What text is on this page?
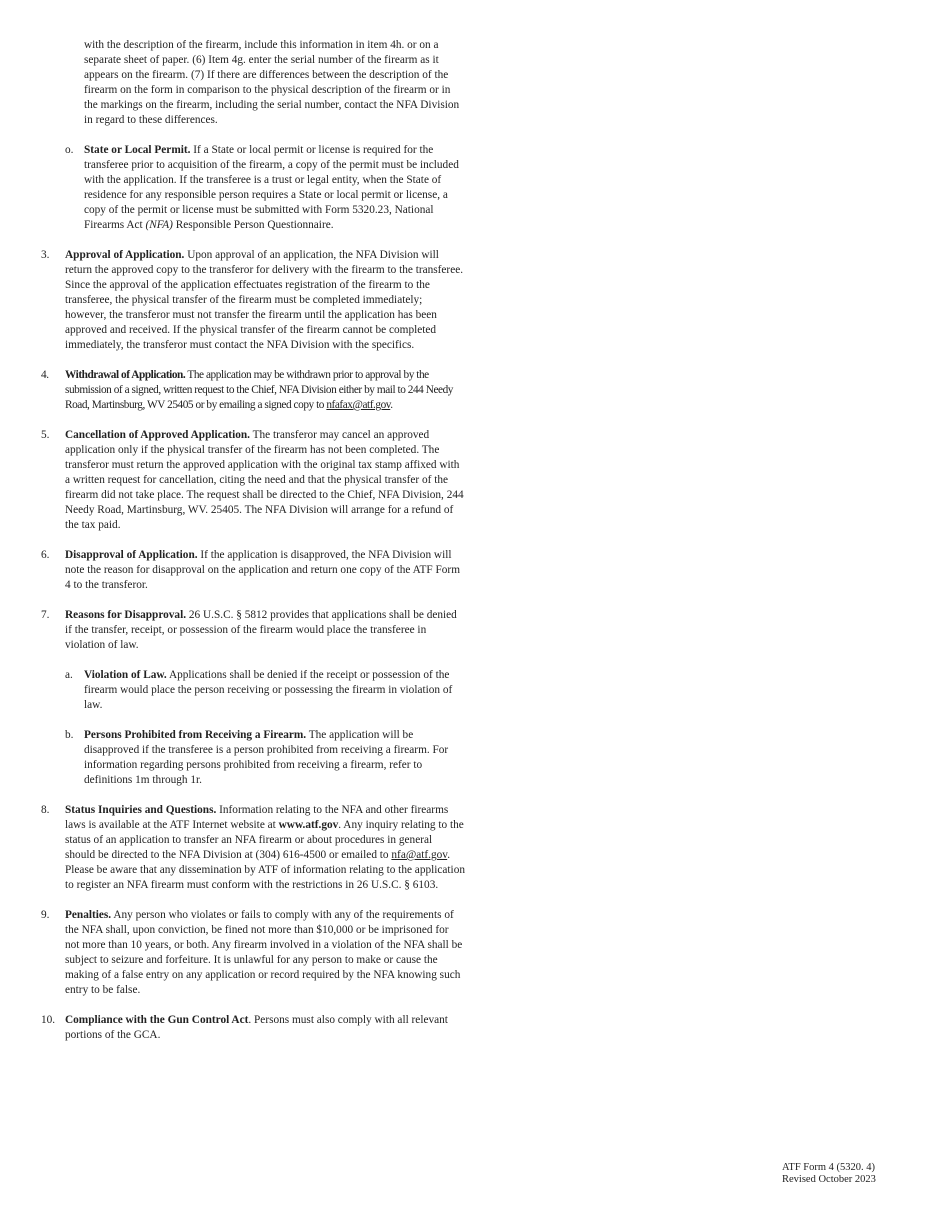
with the description of the firearm, include this information in item 4h. or on a separate sheet of paper. (6) Item 4g. enter the serial number of the firearm as it appears on the firearm. (7) If there are differences between the description of the firearm on the form in comparison to the physical description of the firearm or in the markings on the firearm, including the serial number, contact the NFA Division in regard to these differences.

o. State or Local Permit. If a State or local permit or license is required for the transferee prior to acquisition of the firearm, a copy of the permit must be included with the application. If the transferee is a trust or legal entity, when the State of residence for any responsible person requires a State or local permit or license, a copy of the permit or license must be submitted with Form 5320.23, National Firearms Act (NFA) Responsible Person Questionnaire.
3. Approval of Application. Upon approval of an application, the NFA Division will return the approved copy to the transferor for delivery with the firearm to the transferee. Since the approval of the application effectuates registration of the firearm to the transferee, the physical transfer of the firearm must be completed immediately; however, the transferor must not transfer the firearm until the application has been approved and received. If the physical transfer of the firearm cannot be completed immediately, the transferor must contact the NFA Division with the specifics.
4. Withdrawal of Application. The application may be withdrawn prior to approval by the submission of a signed, written request to the Chief, NFA Division either by mail to 244 Needy Road, Martinsburg, WV 25405 or by emailing a signed copy to nfafax@atf.gov.
5. Cancellation of Approved Application. The transferor may cancel an approved application only if the physical transfer of the firearm has not been completed. The transferor must return the approved application with the original tax stamp affixed with a written request for cancellation, citing the need and that the physical transfer of the firearm did not take place. The request shall be directed to the Chief, NFA Division, 244 Needy Road, Martinsburg, WV. 25405. The NFA Division will arrange for a refund of the tax paid.
6. Disapproval of Application. If the application is disapproved, the NFA Division will note the reason for disapproval on the application and return one copy of the ATF Form 4 to the transferor.
7. Reasons for Disapproval. 26 U.S.C. § 5812 provides that applications shall be denied if the transfer, receipt, or possession of the firearm would place the transferee in violation of law.
a. Violation of Law. Applications shall be denied if the receipt or possession of the firearm would place the person receiving or possessing the firearm in violation of law.
b. Persons Prohibited from Receiving a Firearm. The application will be disapproved if the transferee is a person prohibited from receiving a firearm. For information regarding persons prohibited from receiving a firearm, refer to definitions 1m through 1r.
8. Status Inquiries and Questions. Information relating to the NFA and other firearms laws is available at the ATF Internet website at www.atf.gov. Any inquiry relating to the status of an application to transfer an NFA firearm or about procedures in general should be directed to the NFA Division at (304) 616-4500 or emailed to nfa@atf.gov. Please be aware that any dissemination by ATF of information relating to the application to register an NFA firearm must conform with the restrictions in 26 U.S.C. § 6103.
9. Penalties. Any person who violates or fails to comply with any of the requirements of the NFA shall, upon conviction, be fined not more than $10,000 or be imprisoned for not more than 10 years, or both. Any firearm involved in a violation of the NFA shall be subject to seizure and forfeiture. It is unlawful for any person to make or cause the making of a false entry on any application or record required by the NFA knowing such entry to be false.
10. Compliance with the Gun Control Act. Persons must also comply with all relevant portions of the GCA.
ATF Form 4 (5320. 4)
Revised October 2023
